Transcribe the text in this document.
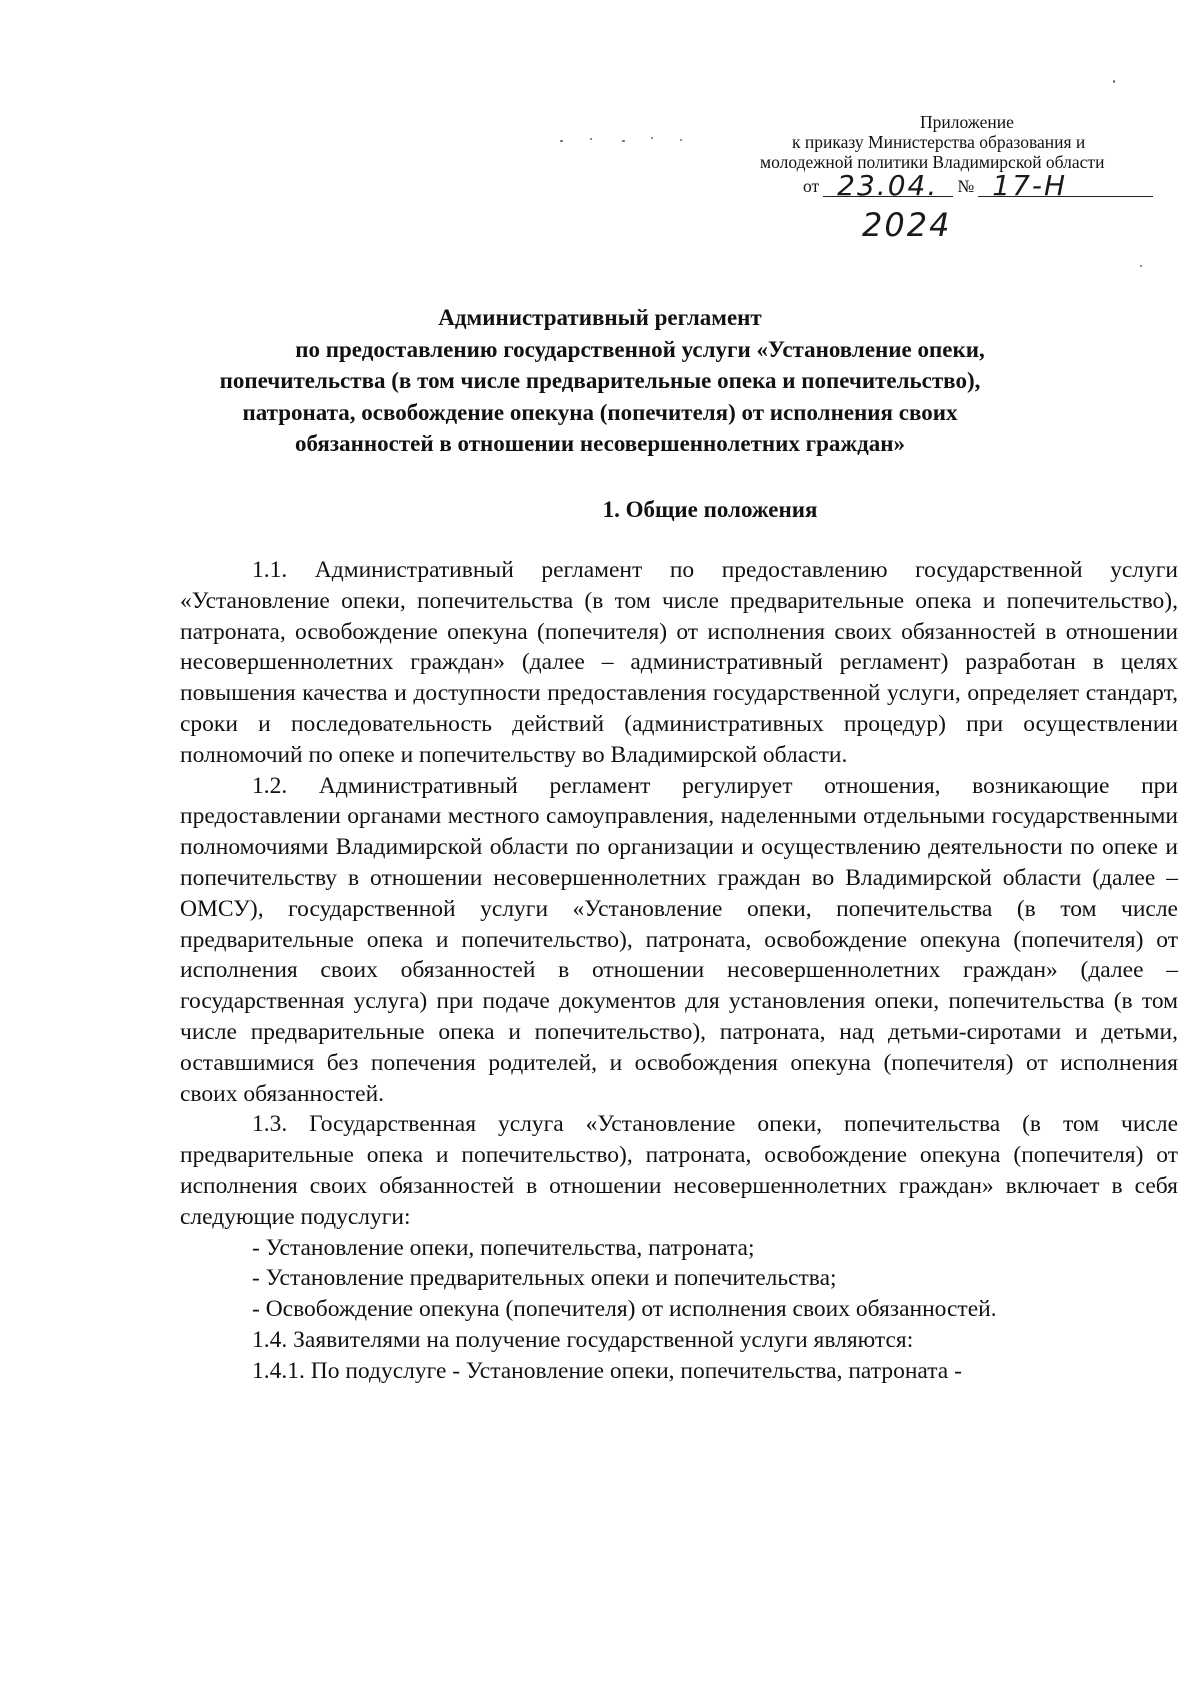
Приложение
к приказу Министерства образования и
молодежной политики Владимирской области
от 23.04. № 17-Н
2024
Административный регламент
по предоставлению государственной услуги «Установление опеки,
попечительства (в том числе предварительные опека и попечительство),
патроната, освобождение опекуна (попечителя) от исполнения своих
обязанностей в отношении несовершеннолетних граждан»
1. Общие положения

1.1. Административный регламент по предоставлению государственной услуги «Установление опеки, попечительства (в том числе предварительные опека и попечительство), патроната, освобождение опекуна (попечителя) от исполнения своих обязанностей в отношении несовершеннолетних граждан» (далее – административный регламент) разработан в целях повышения качества и доступности предоставления государственной услуги, определяет стандарт, сроки и последовательность действий (административных процедур) при осуществлении полномочий по опеке и попечительству во Владимирской области.

1.2. Административный регламент регулирует отношения, возникающие при предоставлении органами местного самоуправления, наделенными отдельными государственными полномочиями Владимирской области по организации и осуществлению деятельности по опеке и попечительству в отношении несовершеннолетних граждан во Владимирской области (далее – ОМСУ), государственной услуги «Установление опеки, попечительства (в том числе предварительные опека и попечительство), патроната, освобождение опекуна (попечителя) от исполнения своих обязанностей в отношении несовершеннолетних граждан» (далее – государственная услуга) при подаче документов для установления опеки, попечительства (в том числе предварительные опека и попечительство), патроната, над детьми-сиротами и детьми, оставшимися без попечения родителей, и освобождения опекуна (попечителя) от исполнения своих обязанностей.

1.3. Государственная услуга «Установление опеки, попечительства (в том числе предварительные опека и попечительство), патроната, освобождение опекуна (попечителя) от исполнения своих обязанностей в отношении несовершеннолетних граждан» включает в себя следующие подуслуги:

- Установление опеки, попечительства, патроната;

- Установление предварительных опеки и попечительства;

- Освобождение опекуна (попечителя) от исполнения своих обязанностей.

1.4. Заявителями на получение государственной услуги являются:

1.4.1. По подуслуге - Установление опеки, попечительства, патроната -
